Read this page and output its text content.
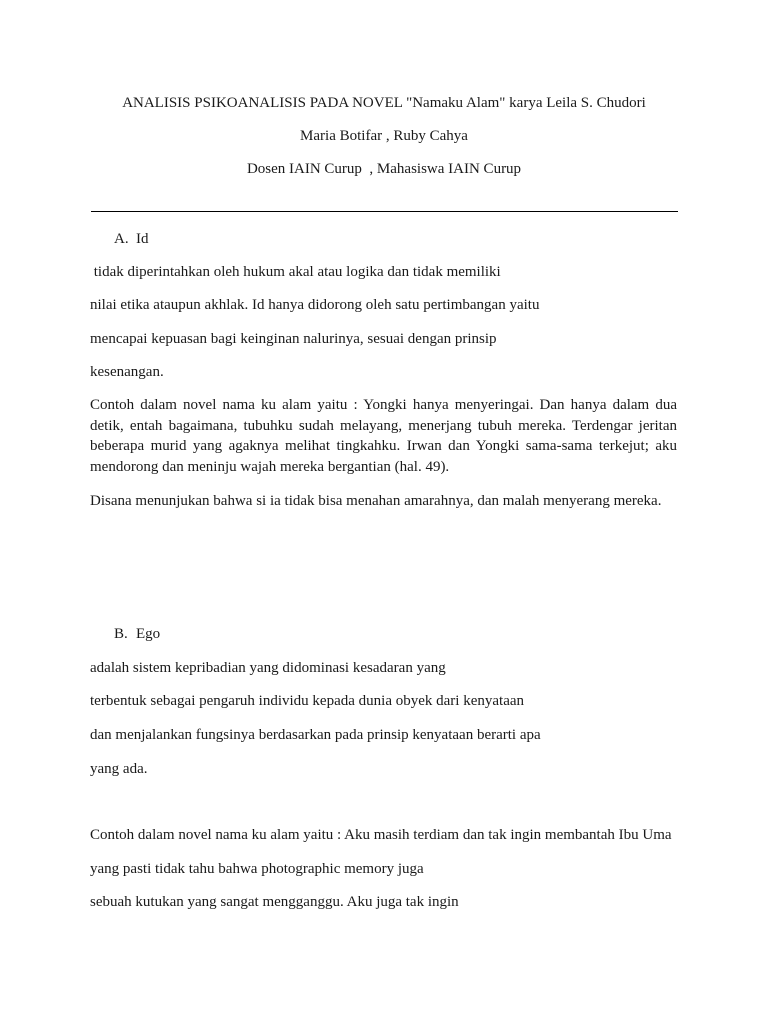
ANALISIS PSIKOANALISIS PADA NOVEL "Namaku Alam" karya Leila S. Chudori
Maria Botifar , Ruby Cahya
Dosen IAIN Curup  , Mahasiswa IAIN Curup
A. Id
tidak diperintahkan oleh hukum akal atau logika dan tidak memiliki
nilai etika ataupun akhlak. Id hanya didorong oleh satu pertimbangan yaitu
mencapai kepuasan bagi keinginan nalurinya, sesuai dengan prinsip
kesenangan.
Contoh dalam novel nama ku alam yaitu : Yongki hanya menyeringai. Dan hanya dalam dua detik, entah bagaimana, tubuhku sudah melayang, menerjang tubuh mereka. Terdengar jeritan beberapa murid yang agaknya melihat tingkahku. Irwan dan Yongki sama-sama terkejut; aku mendorong dan meninju wajah mereka bergantian (hal. 49).
Disana menunjukan bahwa si ia tidak bisa menahan amarahnya, dan malah menyerang mereka.
B. Ego
adalah sistem kepribadian yang didominasi kesadaran yang
terbentuk sebagai pengaruh individu kepada dunia obyek dari kenyataan
dan menjalankan fungsinya berdasarkan pada prinsip kenyataan berarti apa
yang ada.
Contoh dalam novel nama ku alam yaitu : Aku masih terdiam dan tak ingin membantah Ibu Uma
yang pasti tidak tahu bahwa photographic memory juga
sebuah kutukan yang sangat mengganggu. Aku juga tak ingin
